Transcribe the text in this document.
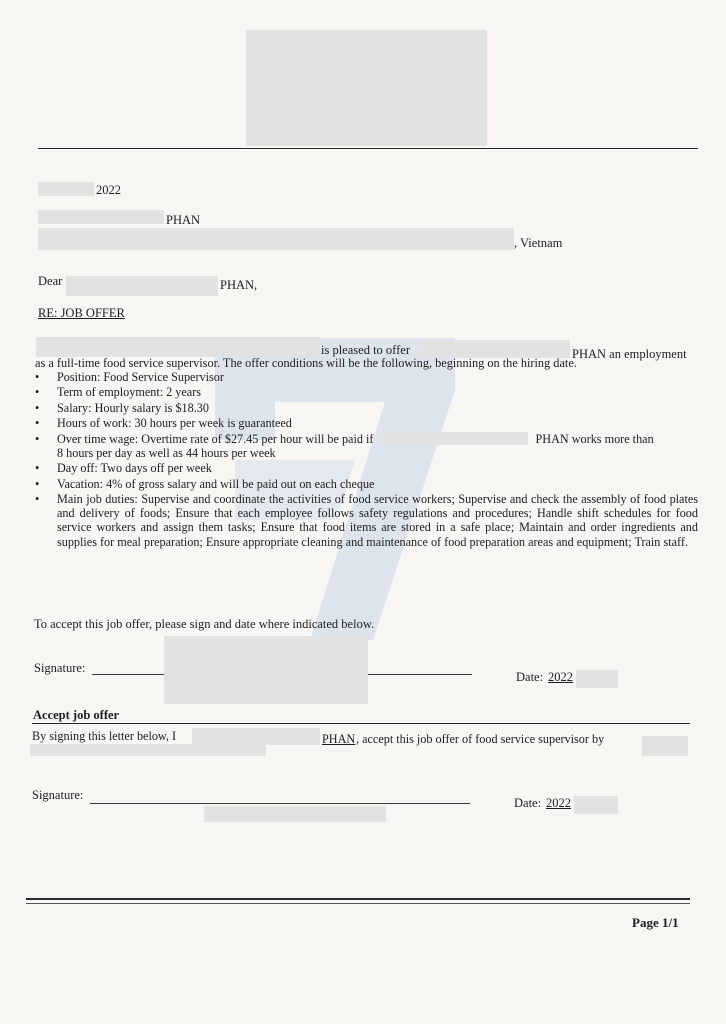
2022
PHAN
, Vietnam
Dear	PHAN,
RE: JOB OFFER
is pleased to offer	PHAN an employment
as a full-time food service supervisor. The offer conditions will be the following, beginning on the hiring date.
• Position: Food Service Supervisor
• Term of employment: 2 years
• Salary: Hourly salary is $18.30
• Hours of work: 30 hours per week is guaranteed
• Over time wage: Overtime rate of $27.45 per hour will be paid if	PHAN works more than
8 hours per day as well as 44 hours per week
• Day off: Two days off per week
• Vacation: 4% of gross salary and will be paid out on each cheque
• Main job duties: Supervise and coordinate the activities of food service workers; Supervise and check the assembly of food plates and delivery of foods; Ensure that each employee follows safety regulations and procedures; Handle shift schedules for food service workers and assign them tasks; Ensure that food items are stored in a safe place; Maintain and order ingredients and supplies for meal preparation; Ensure appropriate cleaning and maintenance of food preparation areas and equipment; Train staff.
To accept this job offer, please sign and date where indicated below.
Signature:
Date: 2022
Accept job offer
By signing this letter below, I	PHAN , accept this job offer of food service supervisor by
Signature:
Date: 2022
Page 1/1
